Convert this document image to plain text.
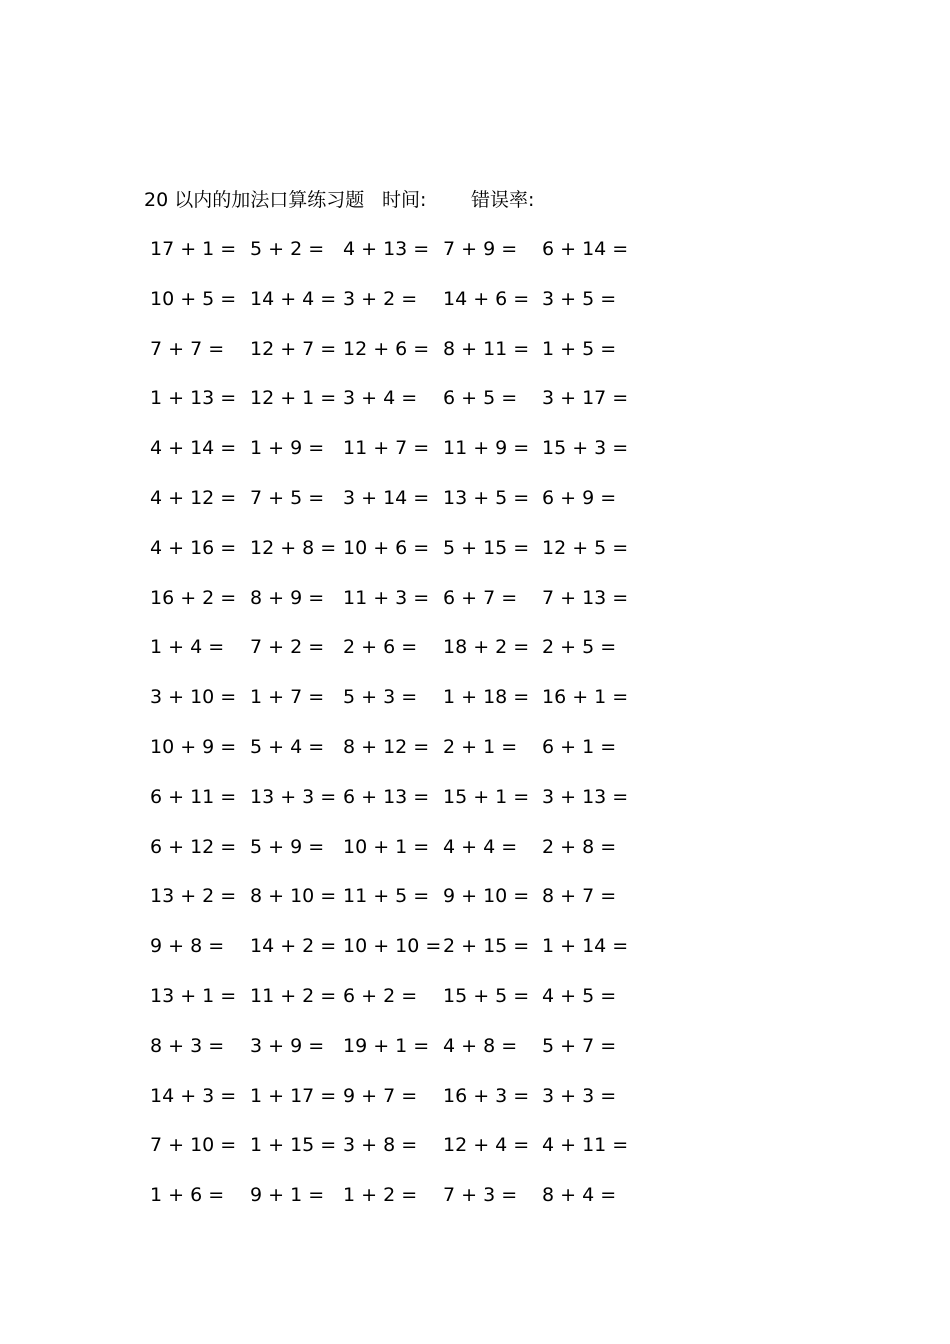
20 以内的加法口算练习题 时间: 错误率:
17 + 1 = 5 + 2 = 4 + 13 = 7 + 9 = 6 + 14 =
10 + 5 = 14 + 4 = 3 + 2 = 14 + 6 = 3 + 5 =
7 + 7 = 12 + 7 = 12 + 6 = 8 + 11 = 1 + 5 =
1 + 13 = 12 + 1 = 3 + 4 = 6 + 5 = 3 + 17 =
4 + 14 = 1 + 9 = 11 + 7 = 11 + 9 = 15 + 3 =
4 + 12 = 7 + 5 = 3 + 14 = 13 + 5 = 6 + 9 =
4 + 16 = 12 + 8 = 10 + 6 = 5 + 15 = 12 + 5 =
16 + 2 = 8 + 9 = 11 + 3 = 6 + 7 = 7 + 13 =
1 + 4 = 7 + 2 = 2 + 6 = 18 + 2 = 2 + 5 =
3 + 10 = 1 + 7 = 5 + 3 = 1 + 18 = 16 + 1 =
10 + 9 = 5 + 4 = 8 + 12 = 2 + 1 = 6 + 1 =
6 + 11 = 13 + 3 = 6 + 13 = 15 + 1 = 3 + 13 =
6 + 12 = 5 + 9 = 10 + 1 = 4 + 4 = 2 + 8 =
13 + 2 = 8 + 10 = 11 + 5 = 9 + 10 = 8 + 7 =
9 + 8 = 14 + 2 = 10 + 10 = 2 + 15 = 1 + 14 =
13 + 1 = 11 + 2 = 6 + 2 = 15 + 5 = 4 + 5 =
8 + 3 = 3 + 9 = 19 + 1 = 4 + 8 = 5 + 7 =
14 + 3 = 1 + 17 = 9 + 7 = 16 + 3 = 3 + 3 =
7 + 10 = 1 + 15 = 3 + 8 = 12 + 4 = 4 + 11 =
1 + 6 = 9 + 1 = 1 + 2 = 7 + 3 = 8 + 4 =
